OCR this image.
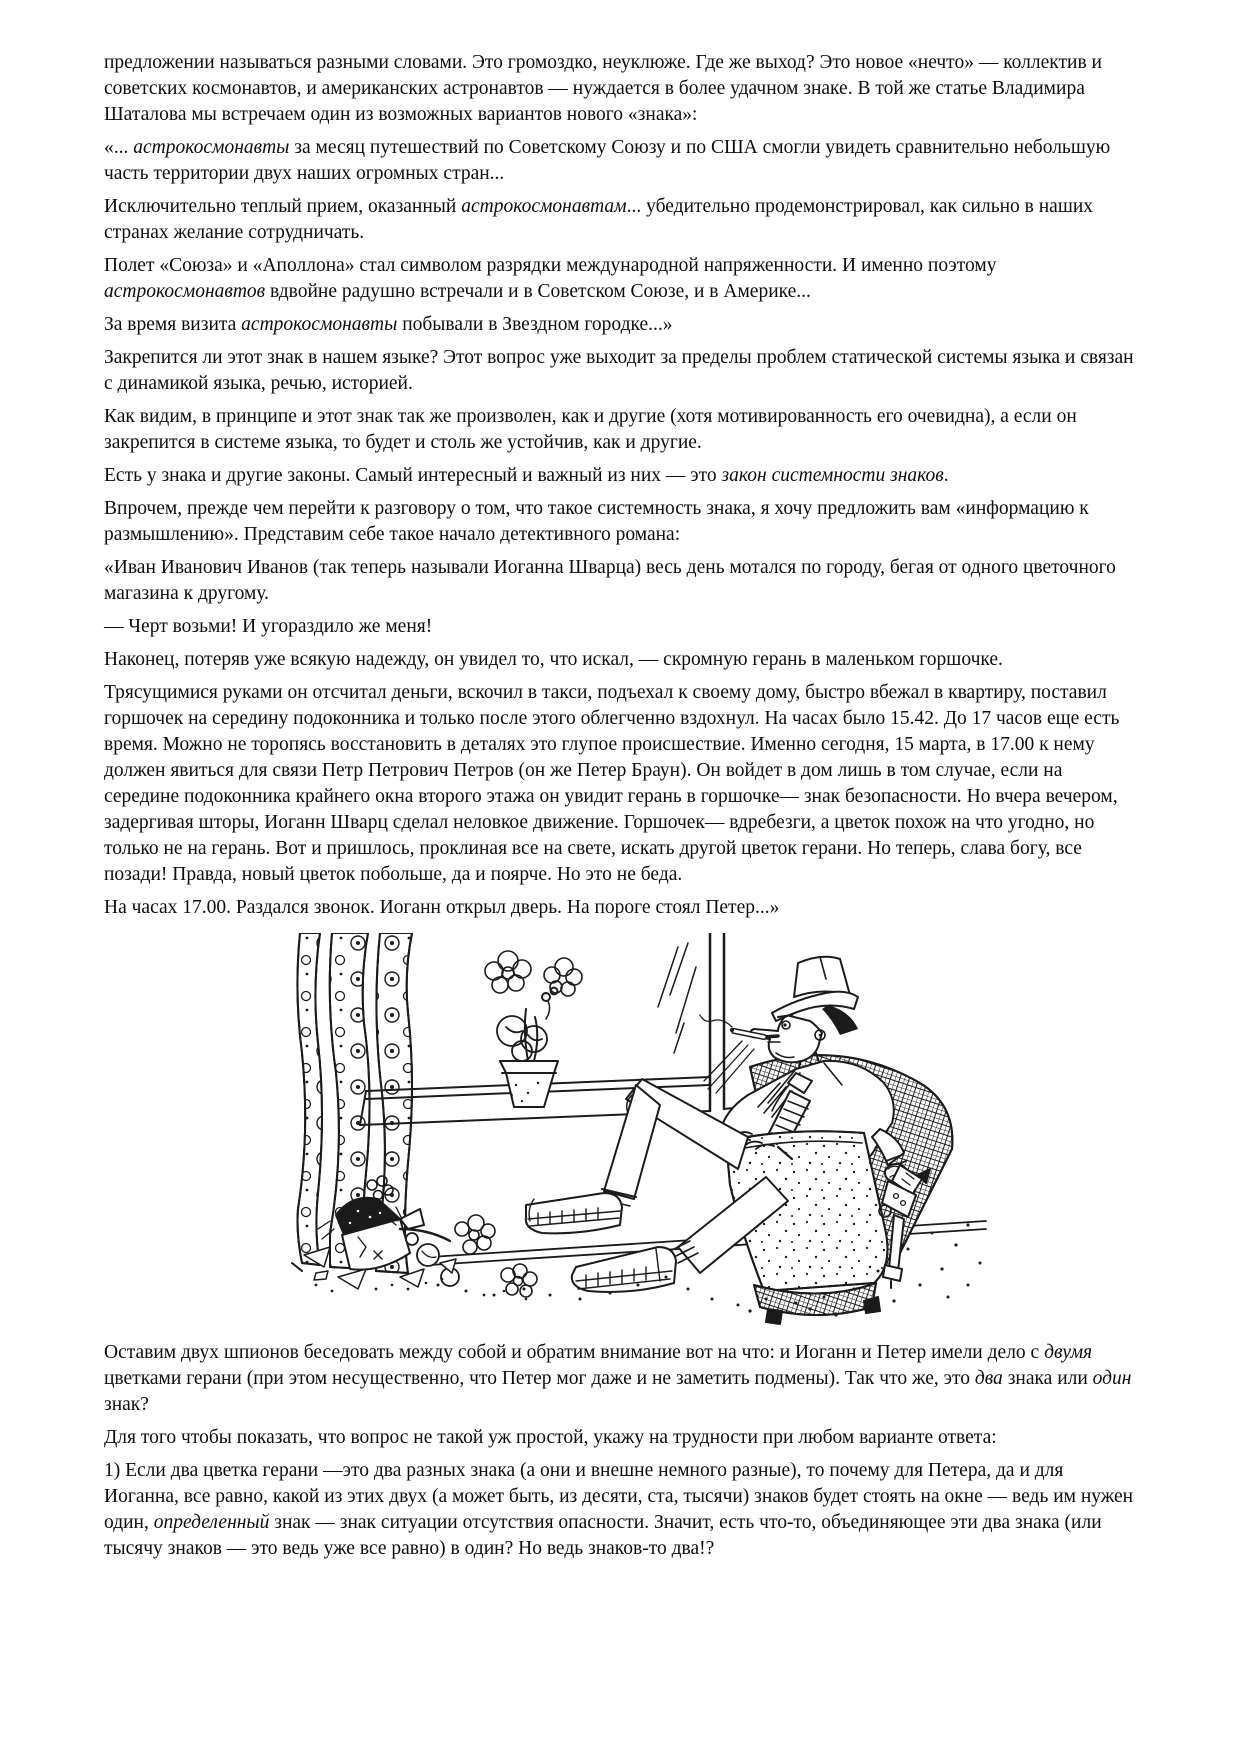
предложении называться разными словами. Это громоздко, неуклюже. Где же выход? Это новое «нечто» — коллектив и советских космонавтов, и американских астронавтов — нуждается в более удачном знаке. В той же статье Владимира Шаталова мы встречаем один из возможных вариантов нового «знака»:

«... астрокосмонавты за месяц путешествий по Советскому Союзу и по США смогли увидеть сравнительно небольшую часть территории двух наших огромных стран...

Исключительно теплый прием, оказанный астрокосмонавтам... убедительно продемонстрировал, как сильно в наших странах желание сотрудничать.

Полет «Союза» и «Аполлона» стал символом разрядки международной напряженности. И именно поэтому астрокосмонавтов вдвойне радушно встречали и в Советском Союзе, и в Америке...

За время визита астрокосмонавты побывали в Звездном городке...»

Закрепится ли этот знак в нашем языке? Этот вопрос уже выходит за пределы проблем статической системы языка и связан с динамикой языка, речью, историей.

Как видим, в принципе и этот знак так же произволен, как и другие (хотя мотивированность его очевидна), а если он закрепится в системе языка, то будет и столь же устойчив, как и другие.

Есть у знака и другие законы. Самый интересный и важный из них — это закон системности знаков.

Впрочем, прежде чем перейти к разговору о том, что такое системность знака, я хочу предложить вам «информацию к размышлению». Представим себе такое начало детективного романа:

«Иван Иванович Иванов (так теперь называли Иоганна Шварца) весь день мотался по городу, бегая от одного цветочного магазина к другому.

— Черт возьми! И угораздило же меня!

Наконец, потеряв уже всякую надежду, он увидел то, что искал, — скромную герань в маленьком горшочке.

Трясущимися руками он отсчитал деньги, вскочил в такси, подъехал к своему дому, быстро вбежал в квартиру, поставил горшочек на середину подоконника и только после этого облегченно вздохнул. На часах было 15.42. До 17 часов еще есть время. Можно не торопясь восстановить в деталях это глупое происшествие. Именно сегодня, 15 марта, в 17.00 к нему должен явиться для связи Петр Петрович Петров (он же Петер Браун). Он войдет в дом лишь в том случае, если на середине подоконника крайнего окна второго этажа он увидит герань в горшочке— знак безопасности. Но вчера вечером, задергивая шторы, Иоганн Шварц сделал неловкое движение. Горшочек— вдребезги, а цветок похож на что угодно, но только не на герань. Вот и пришлось, проклиная все на свете, искать другой цветок герани. Но теперь, слава богу, все позади! Правда, новый цветок побольше, да и поярче. Но это не беда.

На часах 17.00. Раздался звонок. Иоганн открыл дверь. На пороге стоял Петер...»

Оставим двух шпионов беседовать между собой и обратим внимание вот на что: и Иоганн и Петер имели дело с двумя цветками герани (при этом несущественно, что Петер мог даже и не заметить подмены). Так что же, это два знака или один знак?

Для того чтобы показать, что вопрос не такой уж простой, укажу на трудности при любом варианте ответа:

1) Если два цветка герани —это два разных знака (а они и внешне немного разные), то почему для Петера, да и для Иоганна, все равно, какой из этих двух (а может быть, из десяти, ста, тысячи) знаков будет стоять на окне — ведь им нужен один, определенный знак — знак ситуации отсутствия опасности. Значит, есть что-то, объединяющее эти два знака (или тысячу знаков — это ведь уже все равно) в один? Но ведь знаков-то два!?
